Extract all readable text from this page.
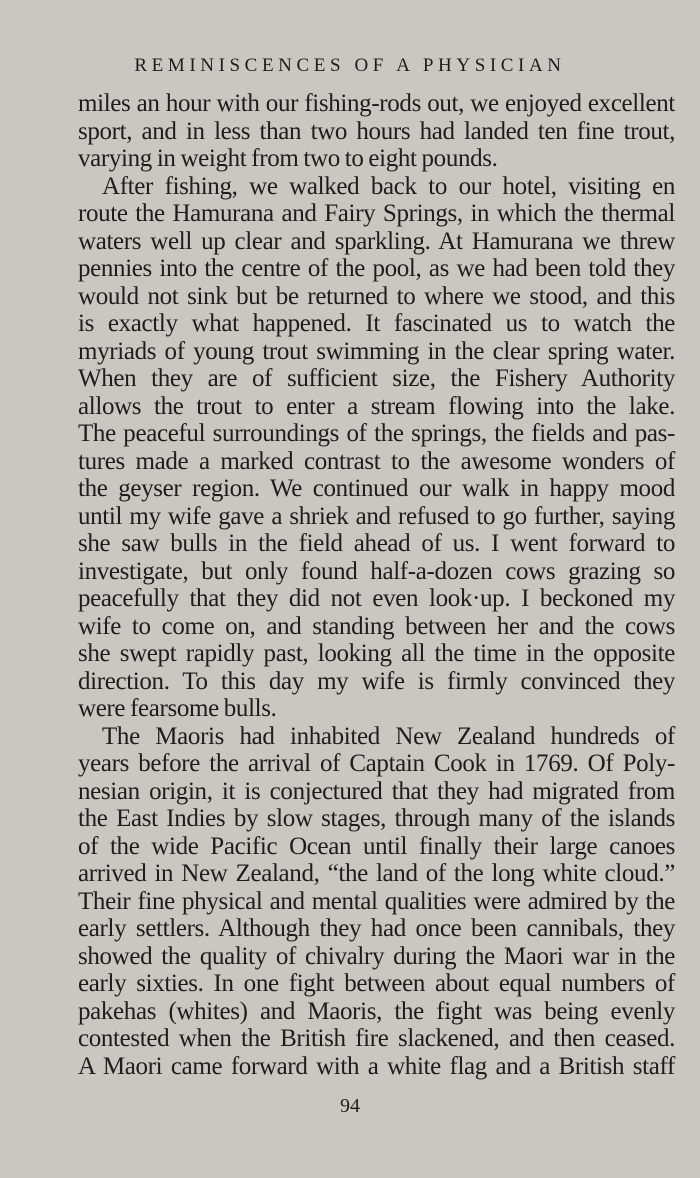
REMINISCENCES OF A PHYSICIAN
miles an hour with our fishing-rods out, we enjoyed excellent
sport, and in less than two hours had landed ten fine trout,
varying in weight from two to eight pounds.
After fishing, we walked back to our hotel, visiting en
route the Hamurana and Fairy Springs, in which the thermal
waters well up clear and sparkling. At Hamurana we threw
pennies into the centre of the pool, as we had been told they
would not sink but be returned to where we stood, and this
is exactly what happened. It fascinated us to watch the
myriads of young trout swimming in the clear spring water.
When they are of sufficient size, the Fishery Authority
allows the trout to enter a stream flowing into the lake.
The peaceful surroundings of the springs, the fields and pas-
tures made a marked contrast to the awesome wonders of
the geyser region. We continued our walk in happy mood
until my wife gave a shriek and refused to go further, saying
she saw bulls in the field ahead of us. I went forward to
investigate, but only found half-a-dozen cows grazing so
peacefully that they did not even look·up. I beckoned my
wife to come on, and standing between her and the cows
she swept rapidly past, looking all the time in the opposite
direction. To this day my wife is firmly convinced they
were fearsome bulls.
The Maoris had inhabited New Zealand hundreds of
years before the arrival of Captain Cook in 1769. Of Poly-
nesian origin, it is conjectured that they had migrated from
the East Indies by slow stages, through many of the islands
of the wide Pacific Ocean until finally their large canoes
arrived in New Zealand, “the land of the long white cloud.”
Their fine physical and mental qualities were admired by the
early settlers. Although they had once been cannibals, they
showed the quality of chivalry during the Maori war in the
early sixties. In one fight between about equal numbers of
pakehas (whites) and Maoris, the fight was being evenly
contested when the British fire slackened, and then ceased.
A Maori came forward with a white flag and a British staff
94
